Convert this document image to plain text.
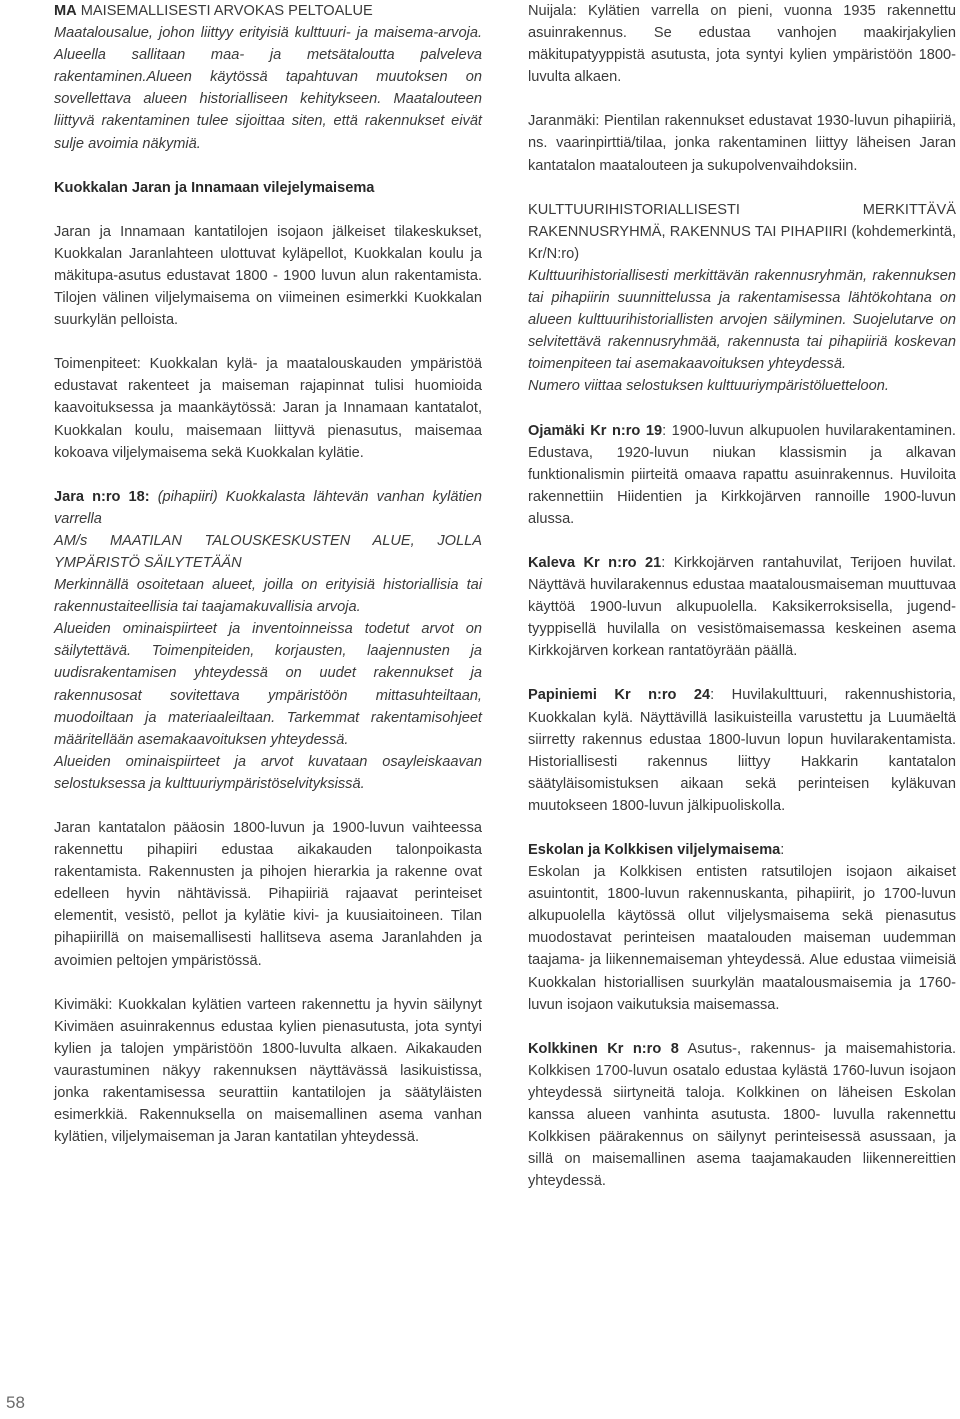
MA MAISEMALLISESTI ARVOKAS PELTOALUE
Maatalousalue, johon liittyy erityisiä kulttuuri- ja maisema-arvoja. Alueella sallitaan maa- ja metsätaloutta palveleva rakentaminen.Alueen käytössä tapahtuvan muutoksen on sovellettava alueen historialliseen kehitykseen. Maatalouteen liittyvä rakentaminen tulee sijoittaa siten, että rakennukset eivät sulje avoimia näkymiä.

Kuokkalan Jaran ja Innamaan vilejelymaisema

Jaran ja Innamaan kantatilojen isojaon jälkeiset tilakeskukset, Kuokkalan Jaranlahteen ulottuvat kyläpellot, Kuokkalan koulu ja mäkitupa-asutus edustavat 1800 - 1900 luvun alun rakentamista. Tilojen välinen viljelymaisema on viimeinen esimerkki Kuokkalan suurkylän pelloista.

Toimenpiteet: Kuokkalan kylä- ja maatalouskauden ympäristöä edustavat rakenteet ja maiseman rajapinnat tulisi huomioida kaavoituksessa ja maankäytössä: Jaran ja Innamaan kantatalot, Kuokkalan koulu, maisemaan liittyvä pienasutus, maisemaa kokoava viljelymaisema sekä Kuokkalan kylätie.

Jara n:ro 18: (pihapiiri) Kuokkalasta lähtevän vanhan kylätien varrella
AM/s MAATILAN TALOUSKESKUSTEN ALUE, JOLLA YMPÄRISTÖ SÄILYTETÄÄN
Merkinnällä osoitetaan alueet, joilla on erityisiä historiallisia tai rakennustaiteellisia tai taajamakuvallisia arvoja.
Alueiden ominaispiirteet ja inventoinneissa todetut arvot on säilytettävä. Toimenpiteiden, korjausten, laajennusten ja uudisrakentamisen yhteydessä on uudet rakennukset ja rakennusosat sovitettava ympäristöön mittasuhteiltaan, muodoiltaan ja materiaaleiltaan. Tarkemmat rakentamisohjeet määritellään asemakaavoituksen yhteydessä.
Alueiden ominaispiirteet ja arvot kuvataan osayleiskaavan selostuksessa ja kulttuuriympäristöselvityksissä.

Jaran kantatalon pääosin 1800-luvun ja 1900-luvun vaihteessa rakennettu pihapiiri edustaa aikakauden talonpoikasta rakentamista. Rakennusten ja pihojen hierarkia ja rakenne ovat edelleen hyvin nähtävissä. Pihapiiriä rajaavat perinteiset elementit, vesistö, pellot ja kylätie kivi- ja kuusiaitoineen. Tilan pihapiirillä on maisemallisesti hallitseva asema Jaranlahden ja avoimien peltojen ympäristössä.

Kivimäki: Kuokkalan kylätien varteen rakennettu ja hyvin säilynyt Kivimäen asuinrakennus edustaa kylien pienasutusta, jota syntyi kylien ja talojen ympäristöön 1800-luvulta alkaen. Aikakauden vaurastuminen näkyy rakennuksen näyttävässä lasikuistissa, jonka rakentamisessa seurattiin kantatilojen ja säätyläisten esimerkkiä. Rakennuksella on maisemallinen asema vanhan kylätien, viljelymaiseman ja Jaran kantatilan yhteydessä.

Nuijala: Kylätien varrella on pieni, vuonna 1935 rakennettu asuinrakennus. Se edustaa vanhojen maakirjakylien mäkitupatyyppistä asutusta, jota syntyi kylien ympäristöön 1800-luvulta alkaen.

Jaranmäki: Pientilan rakennukset edustavat 1930-luvun pihapiiriä, ns. vaarinpirttiä/tilaa, jonka rakentaminen liittyy läheisen Jaran kantatalon maatalouteen ja sukupolvenvaihdoksiin.

KULTTUURIHISTORIALLISESTI MERKITTÄVÄ RAKENNUSRYHMÄ, RAKENNUS TAI PIHAPIIRI (kohdemerkintä, Kr/N:ro)
Kulttuurihistoriallisesti merkittävän rakennusryhmän, rakennuksen tai pihapiirin suunnittelussa ja rakentamisessa lähtökohtana on alueen kulttuurihistoriallisten arvojen säilyminen. Suojelutarve on selvitettävä rakennusryhmää, rakennusta tai pihapiiriä koskevan toimenpiteen tai asemakaavoituksen yhteydessä.
Numero viittaa selostuksen kulttuuriympäristöluetteloon.

Ojamäki Kr n:ro 19: 1900-luvun alkupuolen huvilarakentaminen. Edustava, 1920-luvun niukan klassismin ja alkavan funktionalismin piirteitä omaava rapattu asuinrakennus. Huviloita rakennettiin Hiidentien ja Kirkkojärven rannoille 1900-luvun alussa.

Kaleva Kr n:ro 21: Kirkkojärven rantahuvilat, Terijoen huvilat. Näyttävä huvilarakennus edustaa maatalousmaiseman muuttuvaa käyttöä 1900-luvun alkupuolella. Kaksikerroksisella, jugend-tyyppisellä huvilalla on vesistömaisemassa keskeinen asema Kirkkojärven korkean rantatöyrään päällä.

Papiniemi Kr n:ro 24: Huvilakulttuuri, rakennushistoria, Kuokkalan kylä. Näyttävillä lasikuisteilla varustettu ja Luumäeltä siirretty rakennus edustaa 1800-luvun lopun huvilarakentamista. Historiallisesti rakennus liittyy Hakkarin kantatalon säätyläisomistuksen aikaan sekä perinteisen kyläkuvan muutokseen 1800-luvun jälkipuoliskolla.

Eskolan ja Kolkkisen viljelymaisema:
Eskolan ja Kolkkisen entisten ratsutilojen isojaon aikaiset asuintontit, 1800-luvun rakennuskanta, pihapiirit, jo 1700-luvun alkupuolella käytössä ollut viljelysmaisema sekä pienasutus muodostavat perinteisen maatalouden maiseman uudemman taajama- ja liikennemaiseman yhteydessä. Alue edustaa viimeisiä Kuokkalan historiallisen suurkylän maatalousmaisemia ja 1760-luvun isojaon vaikutuksia maisemassa.

Kolkkinen Kr n:ro 8 Asutus-, rakennus- ja maisemahistoria. Kolkkisen 1700-luvun osatalo edustaa kylästä 1760-luvun isojaon yhteydessä siirtyneitä taloja. Kolkkinen on läheisen Eskolan kanssa alueen vanhinta asutusta. 1800- luvulla rakennettu Kolkkisen päärakennus on säilynyt perinteisessä asussaan, ja sillä on maisemallinen asema taajamakauden liikennereittien yhteydessä.

58
